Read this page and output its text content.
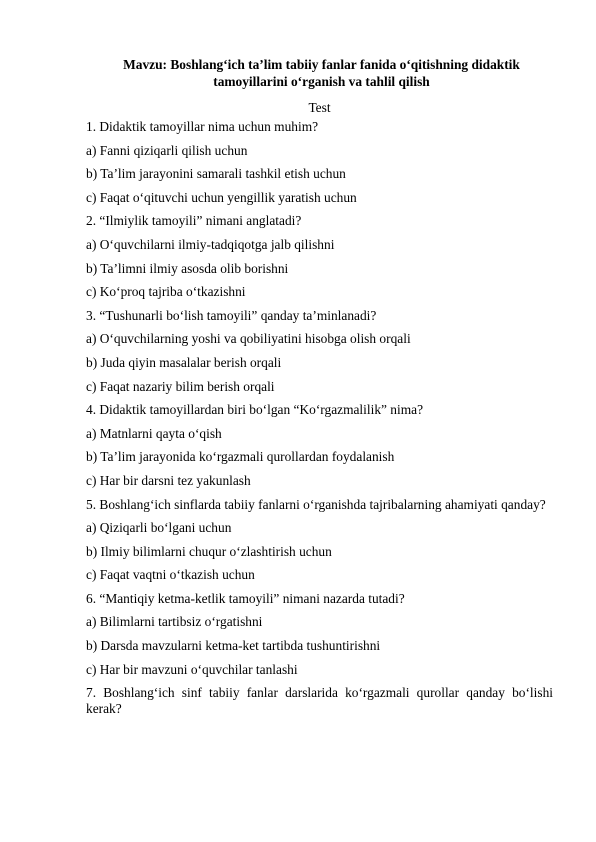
Mavzu: Boshlang‘ich ta’lim tabiiy fanlar fanida o‘qitishning didaktik tamoyillarini o‘rganish va tahlil qilish

Test

1. Didaktik tamoyillar nima uchun muhim?

a) Fanni qiziqarli qilish uchun

b) Ta’lim jarayonini samarali tashkil etish uchun

c) Faqat o‘qituvchi uchun yengillik yaratish uchun

2. “Ilmiylik tamoyili” nimani anglatadi?

a) O‘quvchilarni ilmiy-tadqiqotga jalb qilishni

b) Ta’limni ilmiy asosda olib borishni

c) Ko‘proq tajriba o‘tkazishni

3. “Tushunarli bo‘lish tamoyili” qanday ta’minlanadi?

a) O‘quvchilarning yoshi va qobiliyatini hisobga olish orqali

b) Juda qiyin masalalar berish orqali

c) Faqat nazariy bilim berish orqali

4. Didaktik tamoyillardan biri bo‘lgan “Ko‘rgazmalilik” nima?

a) Matnlarni qayta o‘qish

b) Ta’lim jarayonida ko‘rgazmali qurollardan foydalanish

c) Har bir darsni tez yakunlash

5. Boshlang‘ich sinflarda tabiiy fanlarni o‘rganishda tajribalarning ahamiyati qanday?

a) Qiziqarli bo‘lgani uchun

b) Ilmiy bilimlarni chuqur o‘zlashtirish uchun

c) Faqat vaqtni o‘tkazish uchun

6. “Mantiqiy ketma-ketlik tamoyili” nimani nazarda tutadi?

a) Bilimlarni tartibsiz o‘rgatishni

b) Darsda mavzularni ketma-ket tartibda tushuntirishni

c) Har bir mavzuni o‘quvchilar tanlashi

7. Boshlang‘ich sinf tabiiy fanlar darslarida ko‘rgazmali qurollar qanday bo‘lishi kerak?
